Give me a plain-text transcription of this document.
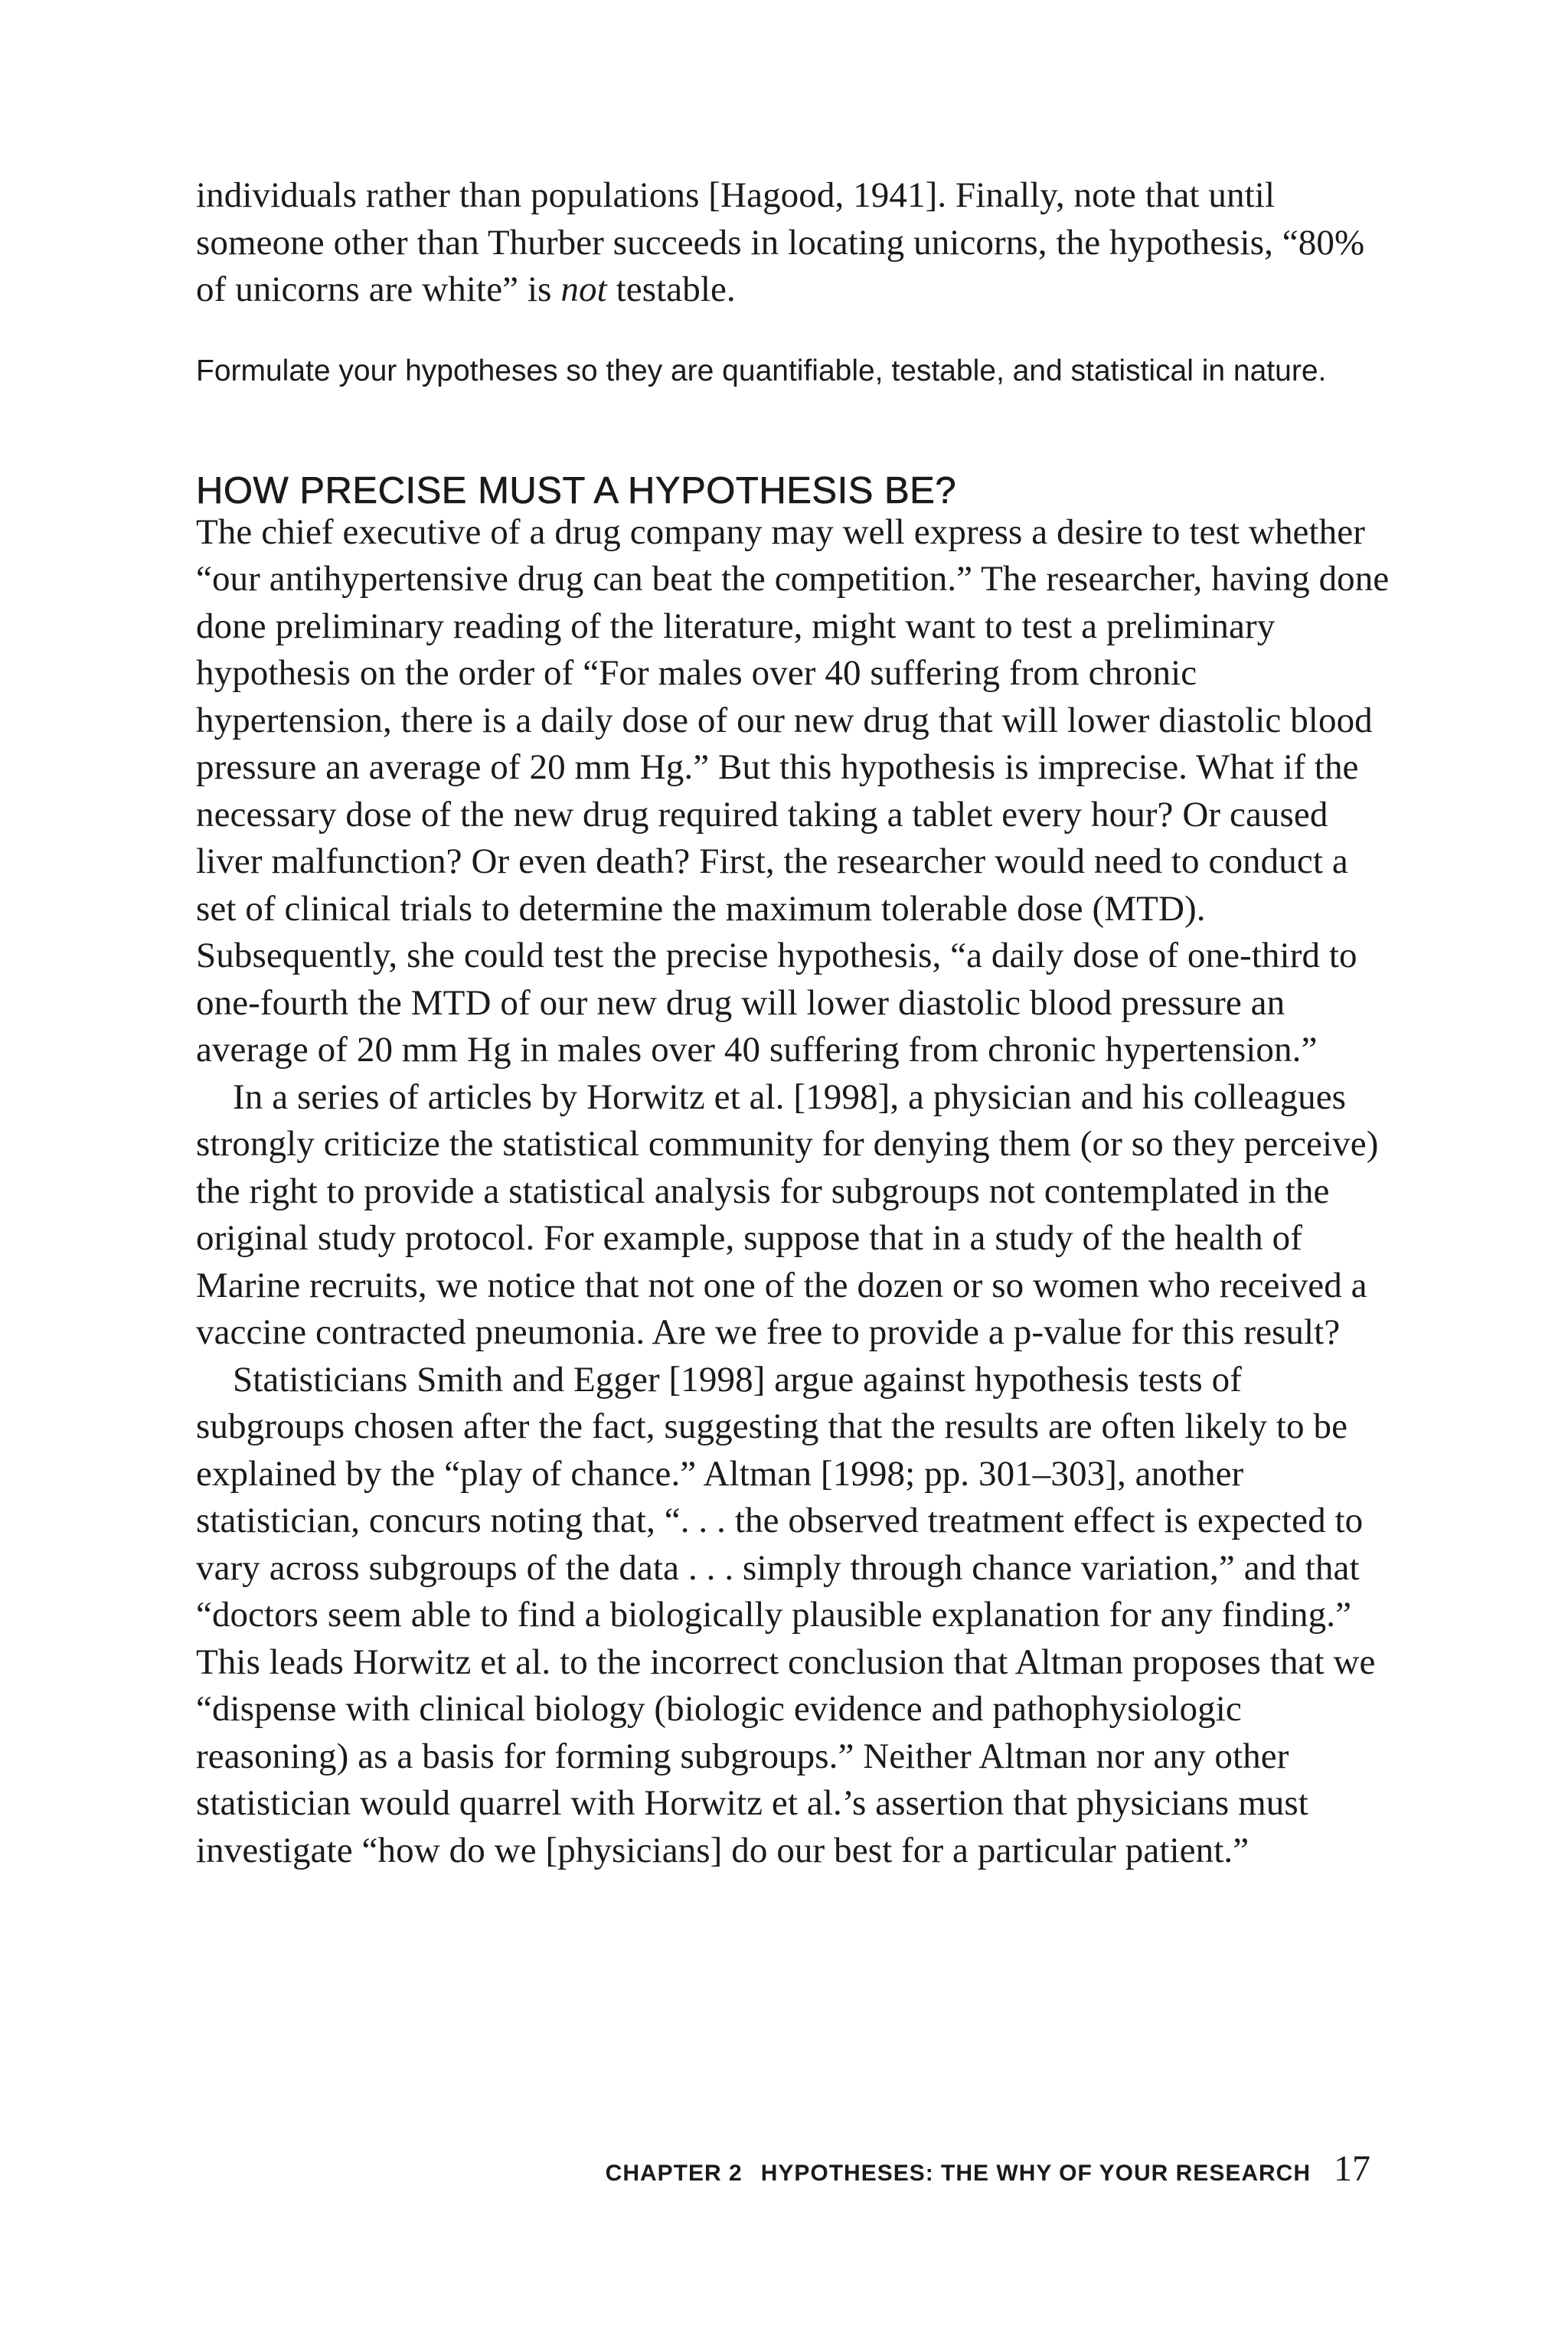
individuals rather than populations [Hagood, 1941]. Finally, note that until someone other than Thurber succeeds in locating unicorns, the hypothesis, “80% of unicorns are white” is not testable.

Formulate your hypotheses so they are quantifiable, testable, and statistical in nature.

HOW PRECISE MUST A HYPOTHESIS BE?

The chief executive of a drug company may well express a desire to test whether “our antihypertensive drug can beat the competition.” The researcher, having done done preliminary reading of the literature, might want to test a preliminary hypothesis on the order of “For males over 40 suffering from chronic hypertension, there is a daily dose of our new drug that will lower diastolic blood pressure an average of 20 mm Hg.” But this hypothesis is imprecise. What if the necessary dose of the new drug required taking a tablet every hour? Or caused liver malfunction? Or even death? First, the researcher would need to conduct a set of clinical trials to determine the maximum tolerable dose (MTD). Subsequently, she could test the precise hypothesis, “a daily dose of one-third to one-fourth the MTD of our new drug will lower diastolic blood pressure an average of 20 mm Hg in males over 40 suffering from chronic hypertension.”

In a series of articles by Horwitz et al. [1998], a physician and his colleagues strongly criticize the statistical community for denying them (or so they perceive) the right to provide a statistical analysis for subgroups not contemplated in the original study protocol. For example, suppose that in a study of the health of Marine recruits, we notice that not one of the dozen or so women who received a vaccine contracted pneumonia. Are we free to provide a p-value for this result?

Statisticians Smith and Egger [1998] argue against hypothesis tests of subgroups chosen after the fact, suggesting that the results are often likely to be explained by the “play of chance.” Altman [1998; pp. 301–303], another statistician, concurs noting that, “. . . the observed treatment effect is expected to vary across subgroups of the data . . . simply through chance variation,” and that “doctors seem able to find a biologically plausible explanation for any finding.” This leads Horwitz et al. to the incorrect conclusion that Altman proposes that we “dispense with clinical biology (biologic evidence and pathophysiologic reasoning) as a basis for forming subgroups.” Neither Altman nor any other statistician would quarrel with Horwitz et al.’s assertion that physicians must investigate “how do we [physicians] do our best for a particular patient.”

CHAPTER 2 HYPOTHESES: THE WHY OF YOUR RESEARCH 17
